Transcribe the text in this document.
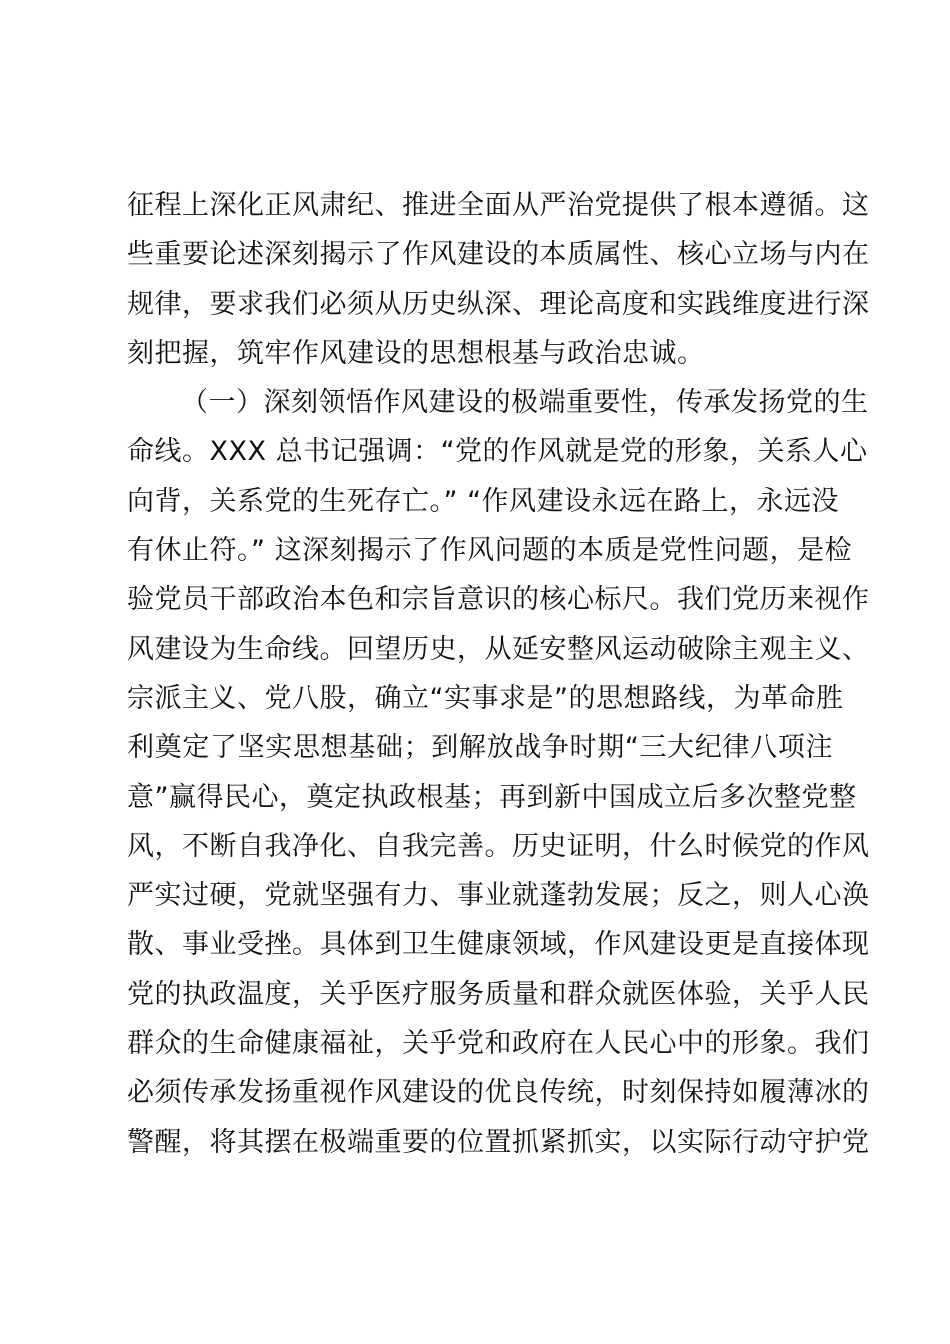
征程上深化正风肃纪、推进全面从严治党提供了根本遵循。这
些重要论述深刻揭示了作风建设的本质属性、核心立场与内在
规律，要求我们必须从历史纵深、理论高度和实践维度进行深
刻把握，筑牢作风建设的思想根基与政治忠诚。
（一）深刻领悟作风建设的极端重要性，传承发扬党的生
命线。XXX 总书记强调：“党的作风就是党的形象，关系人心
向背，关系党的生死存亡。” “作风建设永远在路上，永远没
有休止符。” 这深刻揭示了作风问题的本质是党性问题，是检
验党员干部政治本色和宗旨意识的核心标尺。我们党历来视作
风建设为生命线。回望历史，从延安整风运动破除主观主义、
宗派主义、党八股，确立“实事求是”的思想路线，为革命胜
利奠定了坚实思想基础；到解放战争时期“三大纪律八项注
意”赢得民心，奠定执政根基；再到新中国成立后多次整党整
风，不断自我净化、自我完善。历史证明，什么时候党的作风
严实过硬，党就坚强有力、事业就蓬勃发展；反之，则人心涣
散、事业受挫。具体到卫生健康领域，作风建设更是直接体现
党的执政温度，关乎医疗服务质量和群众就医体验，关乎人民
群众的生命健康福祉，关乎党和政府在人民心中的形象。我们
必须传承发扬重视作风建设的优良传统，时刻保持如履薄冰的
警醒，将其摆在极端重要的位置抓紧抓实，以实际行动守护党
